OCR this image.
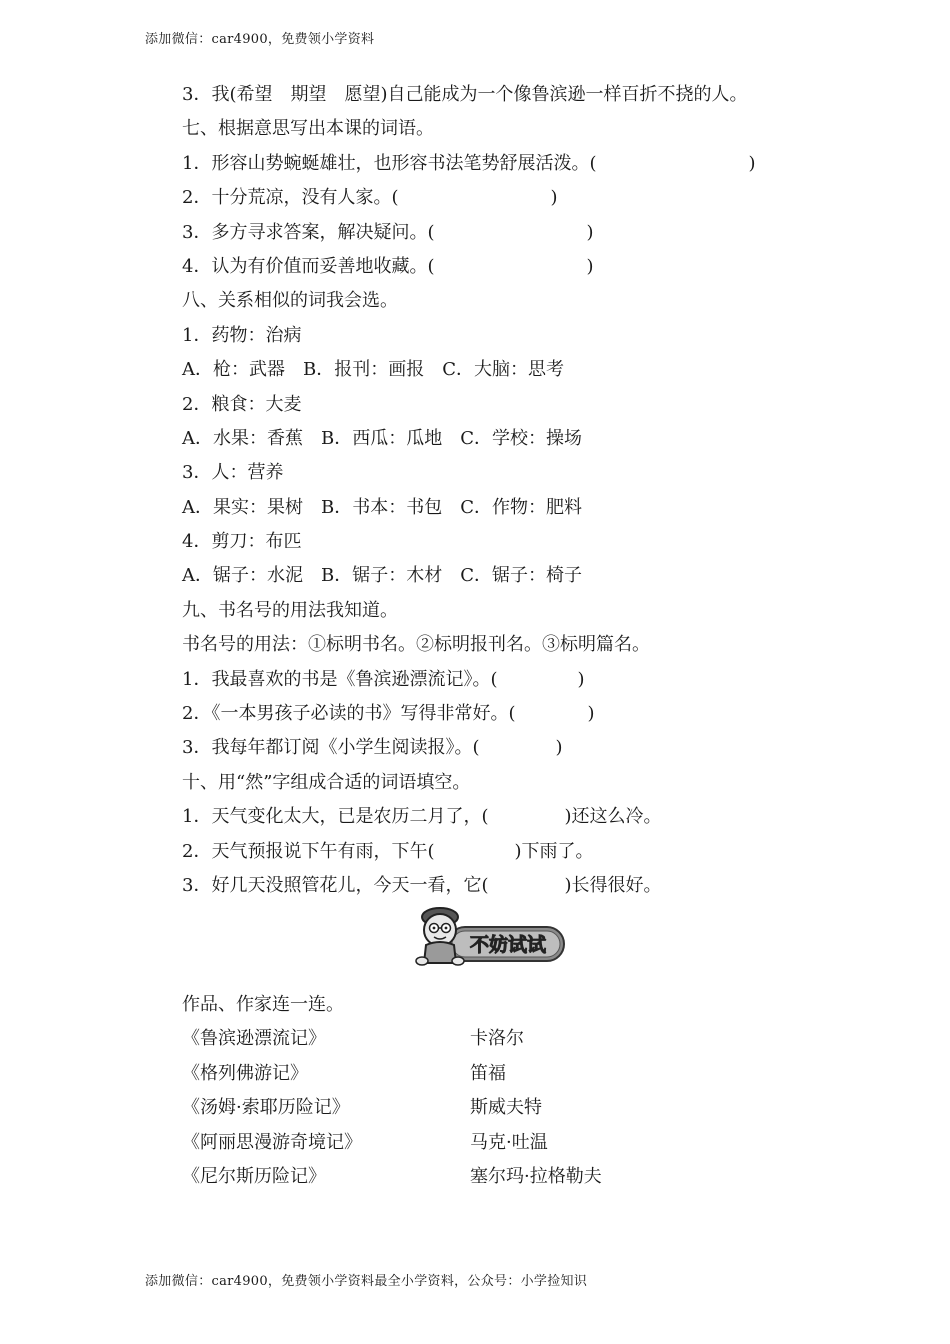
添加微信：car4900，免费领小学资料
3．我(希望　期望　愿望)自己能成为一个像鲁滨逊一样百折不挠的人。
七、根据意思写出本课的词语。
1．形容山势蜿蜒雄壮，也形容书法笔势舒展活泼。(	)
2．十分荒凉，没有人家。(	)
3．多方寻求答案，解决疑问。(	)
4．认为有价值而妥善地收藏。(	)
八、关系相似的词我会选。
1．药物：治病
A．枪：武器　B．报刊：画报　C．大脑：思考
2．粮食：大麦
A．水果：香蕉　B．西瓜：瓜地　C．学校：操场
3．人：营养
A．果实：果树　B．书本：书包　C．作物：肥料
4．剪刀：布匹
A．锯子：水泥　B．锯子：木材　C．锯子：椅子
九、书名号的用法我知道。
书名号的用法：①标明书名。②标明报刊名。③标明篇名。
1．我最喜欢的书是《鲁滨逊漂流记》。(	)
2．《一本男孩子必读的书》写得非常好。(	)
3．我每年都订阅《小学生阅读报》。(	)
十、用“然”字组成合适的词语填空。
1．天气变化太大，已是农历二月了，(	)还这么冷。
2．天气预报说下午有雨，下午(	)下雨了。
3．好几天没照管花儿，今天一看，它(	)长得很好。
不妨试试
作品、作家连一连。
《鲁滨逊漂流记》	卡洛尔
《格列佛游记》	笛福
《汤姆·索耶历险记》	斯威夫特
《阿丽思漫游奇境记》	马克·吐温
《尼尔斯历险记》	塞尔玛·拉格勒夫
添加微信：car4900，免费领小学资料最全小学资料，公众号：小学捡知识
